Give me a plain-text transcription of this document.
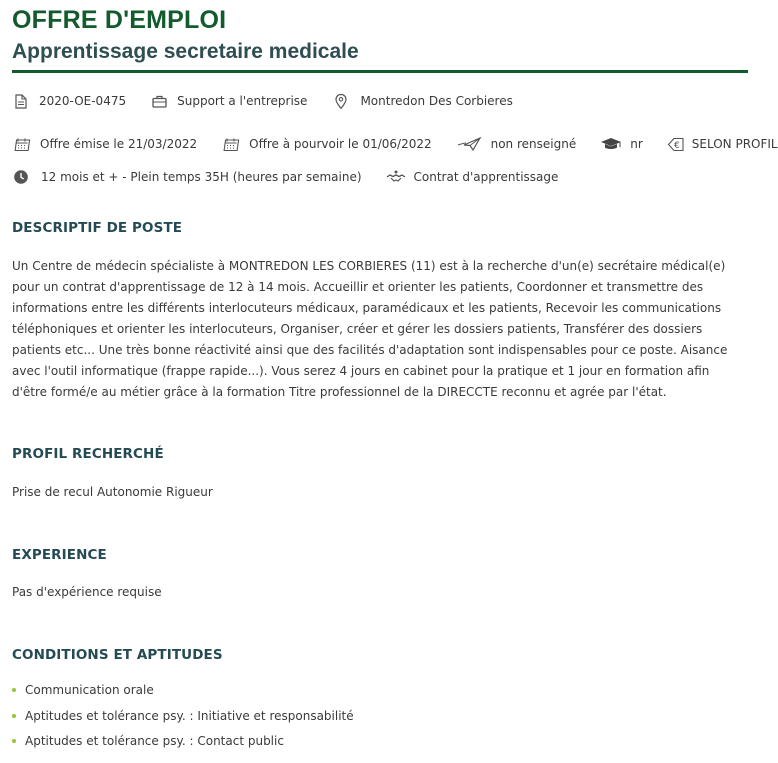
OFFRE D'EMPLOI
Apprentissage secretaire medicale
2020-OE-0475	Support a l'entreprise	Montredon Des Corbieres
Offre émise le 21/03/2022	Offre à pourvoir le 01/06/2022	non renseigné	nr	€ SELON PROFIL
12 mois et + - Plein temps 35H (heures par semaine)	Contrat d'apprentissage
DESCRIPTIF DE POSTE

Un Centre de médecin spécialiste à MONTREDON LES CORBIERES (11) est à la recherche d'un(e) secrétaire médical(e) pour un contrat d'apprentissage de 12 à 14 mois. Accueillir et orienter les patients, Coordonner et transmettre des informations entre les différents interlocuteurs médicaux, paramédicaux et les patients, Recevoir les communications téléphoniques et orienter les interlocuteurs, Organiser, créer et gérer les dossiers patients, Transférer des dossiers patients etc... Une très bonne réactivité ainsi que des facilités d'adaptation sont indispensables pour ce poste. Aisance avec l'outil informatique (frappe rapide...). Vous serez 4 jours en cabinet pour la pratique et 1 jour en formation afin d'être formé/e au métier grâce à la formation Titre professionnel de la DIRECCTE reconnu et agrée par l'état.

PROFIL RECHERCHÉ

Prise de recul Autonomie Rigueur

EXPERIENCE

Pas d'expérience requise

CONDITIONS ET APTITUDES
Communication orale
Aptitudes et tolérance psy. : Initiative et responsabilité
Aptitudes et tolérance psy. : Contact public
